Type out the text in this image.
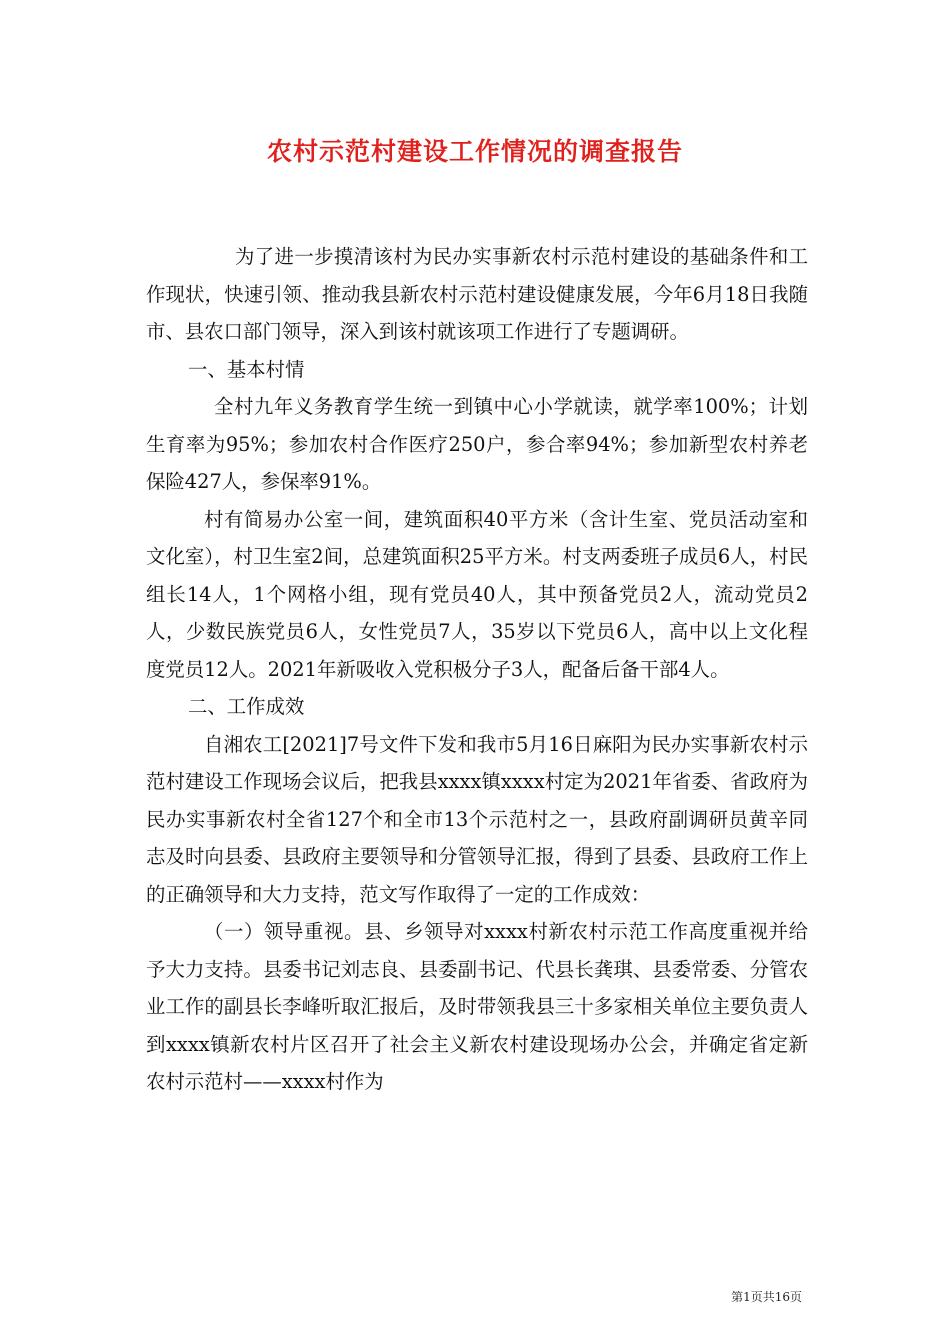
农村示范村建设工作情况的调查报告

为了进一步摸清该村为民办实事新农村示范村建设的基础条件和工作现状，快速引领、推动我县新农村示范村建设健康发展，今年6月18日我随市、县农口部门领导，深入到该村就该项工作进行了专题调研。

一、基本村情

全村九年义务教育学生统一到镇中心小学就读，就学率100%；计划生育率为95%；参加农村合作医疗250户，参合率94%；参加新型农村养老保险427人，参保率91%。

村有简易办公室一间，建筑面积40平方米（含计生室、党员活动室和文化室），村卫生室2间，总建筑面积25平方米。村支两委班子成员6人，村民组长14人，1个网格小组，现有党员40人，其中预备党员2人，流动党员2人，少数民族党员6人，女性党员7人，35岁以下党员6人，高中以上文化程度党员12人。2021年新吸收入党积极分子3人，配备后备干部4人。

二、工作成效

自湘农工[2021]7号文件下发和我市5月16日麻阳为民办实事新农村示范村建设工作现场会议后，把我县xxxx镇xxxx村定为2021年省委、省政府为民办实事新农村全省127个和全市13个示范村之一，县政府副调研员黄辛同志及时向县委、县政府主要领导和分管领导汇报，得到了县委、县政府工作上的正确领导和大力支持，范文写作取得了一定的工作成效：

（一）领导重视。县、乡领导对xxxx村新农村示范工作高度重视并给予大力支持。县委书记刘志良、县委副书记、代县长龚琪、县委常委、分管农业工作的副县长李峰听取汇报后，及时带领我县三十多家相关单位主要负责人到xxxx镇新农村片区召开了社会主义新农村建设现场办公会，并确定省定新农村示范村——xxxx村作为

第1页共16页
